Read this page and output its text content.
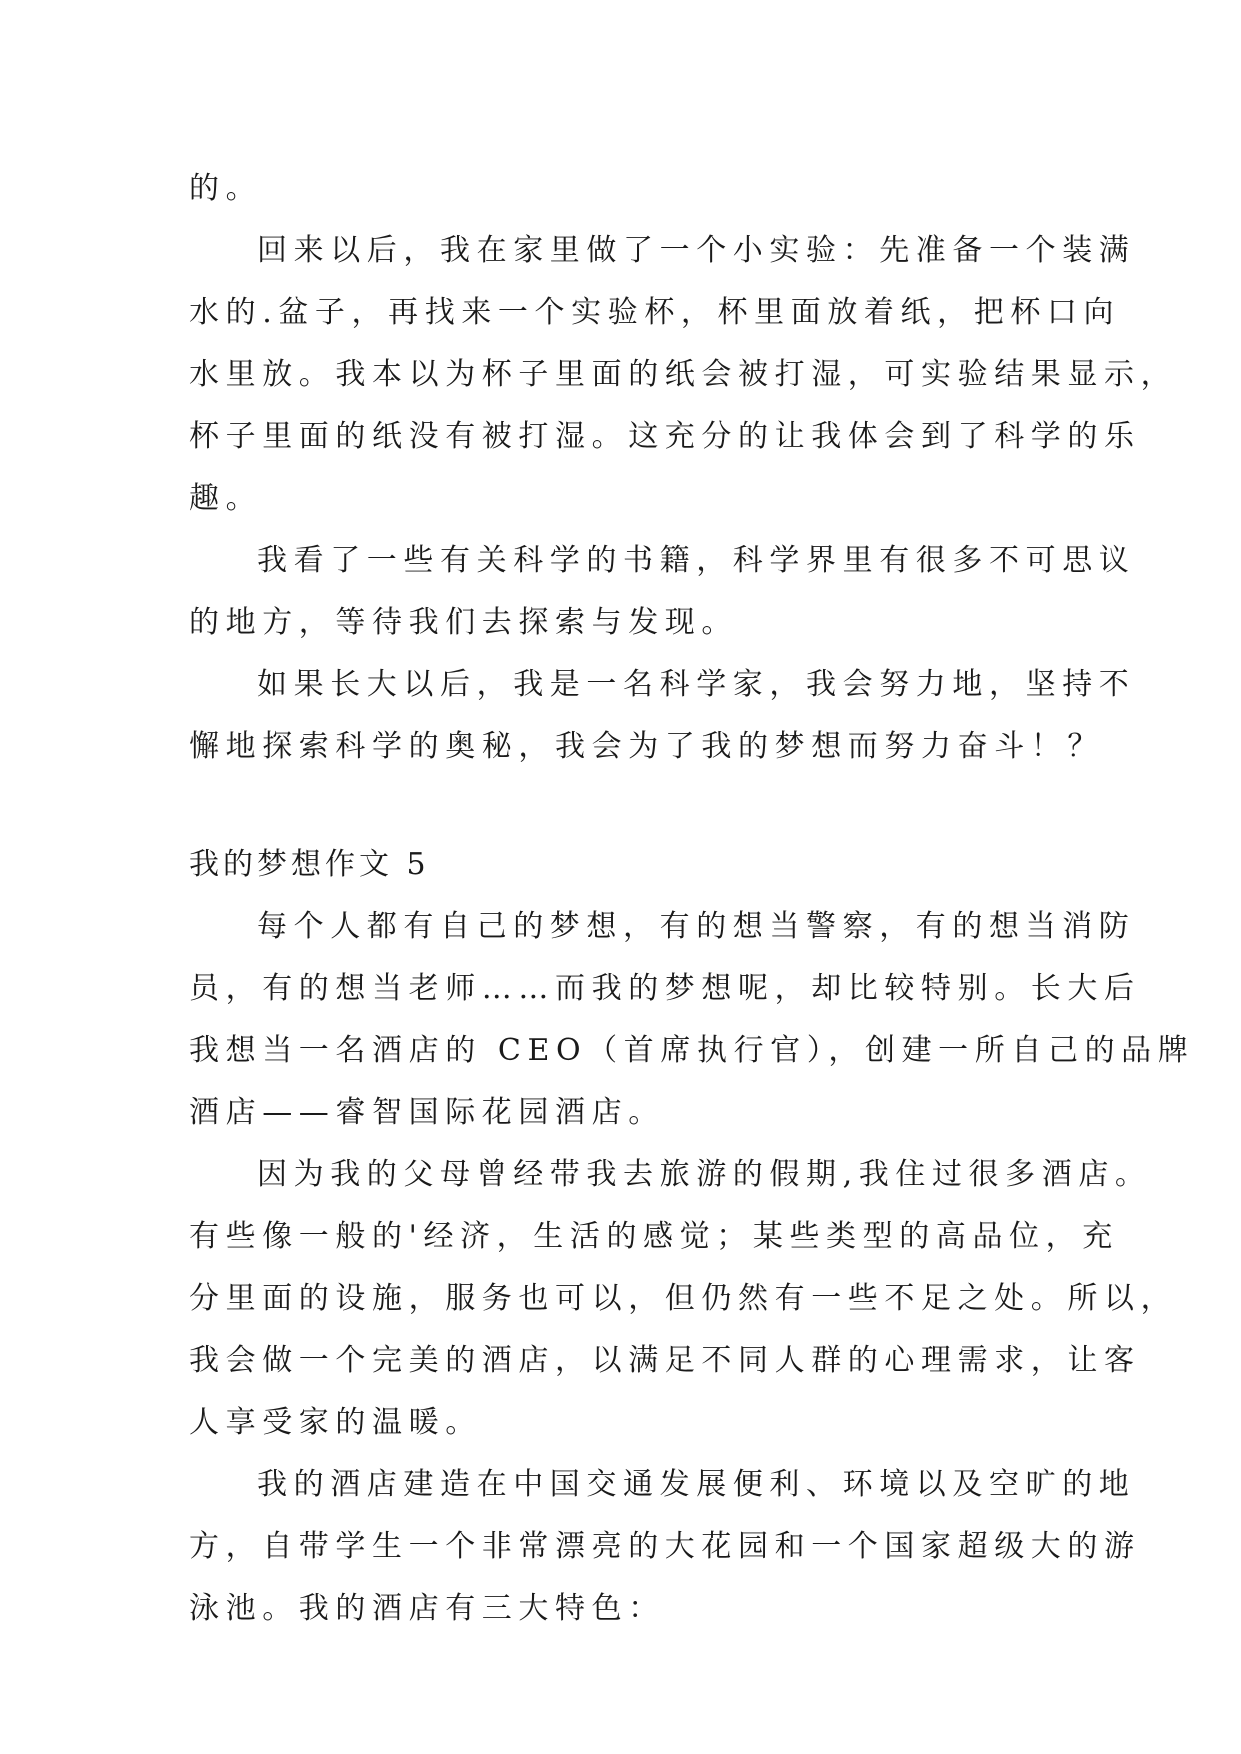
的。
回来以后，我在家里做了一个小实验：先准备一个装满
水的.盆子，再找来一个实验杯，杯里面放着纸，把杯口向
水里放。我本以为杯子里面的纸会被打湿，可实验结果显示，
杯子里面的纸没有被打湿。这充分的让我体会到了科学的乐
趣。
我看了一些有关科学的书籍，科学界里有很多不可思议
的地方，等待我们去探索与发现。
如果长大以后，我是一名科学家，我会努力地，坚持不
懈地探索科学的奥秘，我会为了我的梦想而努力奋斗！？
我的梦想作文 5
每个人都有自己的梦想，有的想当警察，有的想当消防
员，有的想当老师……而我的梦想呢，却比较特别。长大后
我想当一名酒店的 CEO（首席执行官），创建一所自己的品牌
酒店——睿智国际花园酒店。
因为我的父母曾经带我去旅游的假期,我住过很多酒店。
有些像一般的'经济，生活的感觉；某些类型的高品位，充
分里面的设施，服务也可以，但仍然有一些不足之处。所以，
我会做一个完美的酒店，以满足不同人群的心理需求，让客
人享受家的温暖。
我的酒店建造在中国交通发展便利、环境以及空旷的地
方，自带学生一个非常漂亮的大花园和一个国家超级大的游
泳池。我的酒店有三大特色：
